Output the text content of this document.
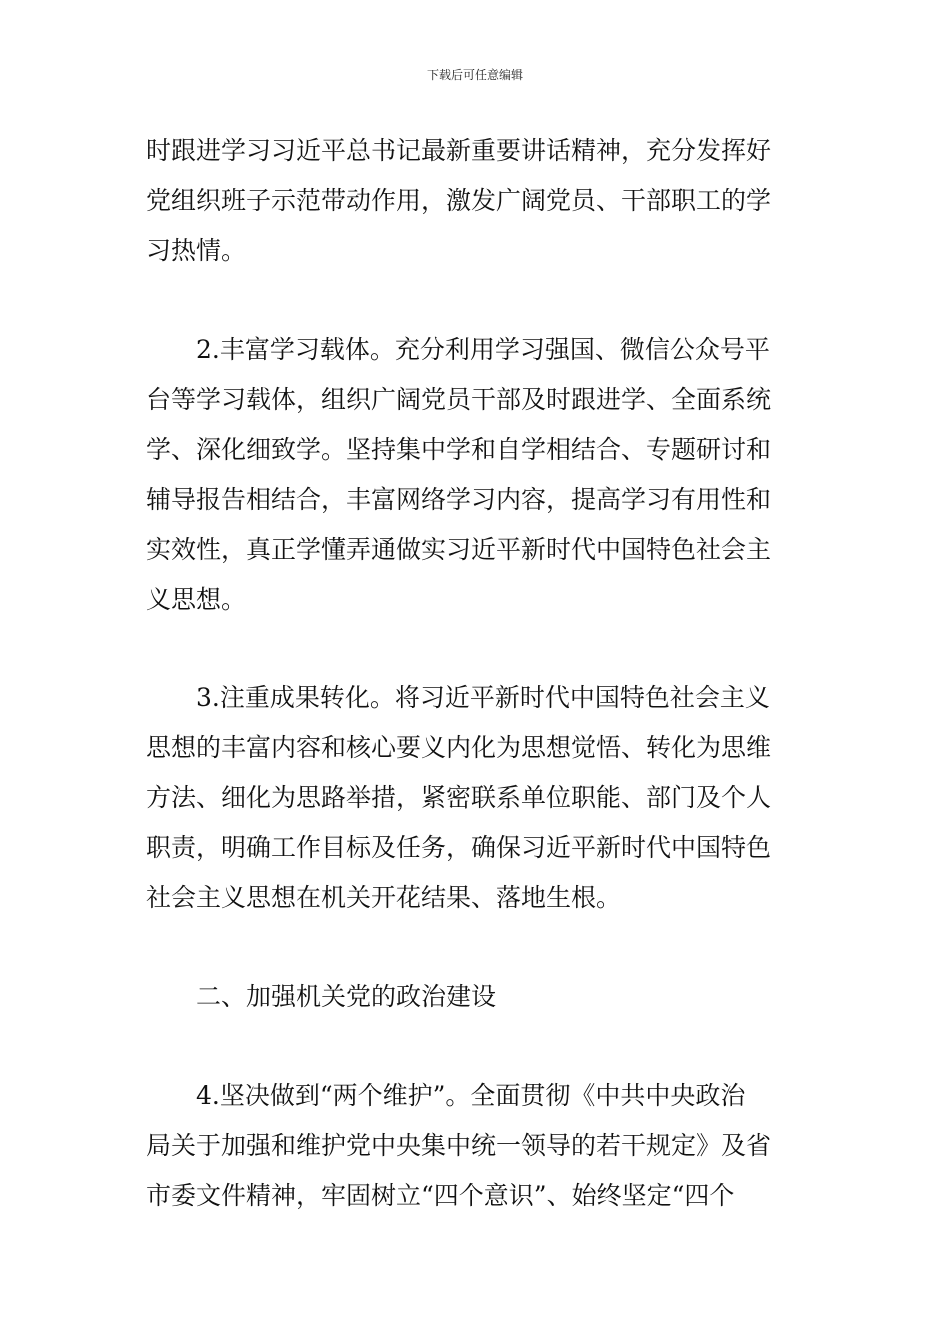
下载后可任意编辑
时跟进学习习近平总书记最新重要讲话精神，充分发挥好
党组织班子示范带动作用，激发广阔党员、干部职工的学
习热情。
2.丰富学习载体。充分利用学习强国、微信公众号平
台等学习载体，组织广阔党员干部及时跟进学、全面系统
学、深化细致学。坚持集中学和自学相结合、专题研讨和
辅导报告相结合，丰富网络学习内容，提高学习有用性和
实效性，真正学懂弄通做实习近平新时代中国特色社会主
义思想。
3.注重成果转化。将习近平新时代中国特色社会主义
思想的丰富内容和核心要义内化为思想觉悟、转化为思维
方法、细化为思路举措，紧密联系单位职能、部门及个人
职责，明确工作目标及任务，确保习近平新时代中国特色
社会主义思想在机关开花结果、落地生根。
二、加强机关党的政治建设
4.坚决做到“两个维护”。全面贯彻《中共中央政治
局关于加强和维护党中央集中统一领导的若干规定》及省
市委文件精神，牢固树立“四个意识”、始终坚定“四个
